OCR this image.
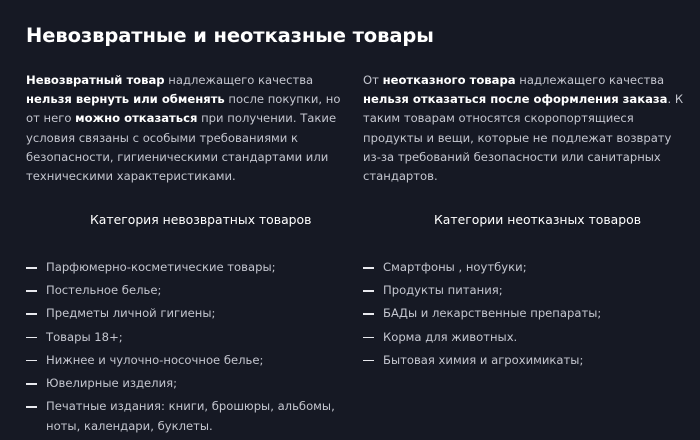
Невозвратные и неотказные товары

Невозвратный товар надлежащего качества нельзя вернуть или обменять после покупки, но от него можно отказаться при получении. Такие условия связаны с особыми требованиями к безопасности, гигиеническими стандартами или техническими характеристиками.

От неотказного товара надлежащего качества нельзя отказаться после оформления заказа. К таким товарам относятся скоропортящиеся продукты и вещи, которые не подлежат возврату из-за требований безопасности или санитарных стандартов.

Категория невозвратных товаров	Категории неотказных товаров
Парфюмерно-косметические товары;
Постельное белье;
Предметы личной гигиены;
Товары 18+;
Нижнее и чулочно-носочное белье;
Ювелирные изделия;
Печатные издания: книги, брошюры, альбомы, ноты, календари, буклеты.
Смартфоны , ноутбуки;
Продукты питания;
БАДы и лекарственные препараты;
Корма для животных.
Бытовая химия и агрохимикаты;
